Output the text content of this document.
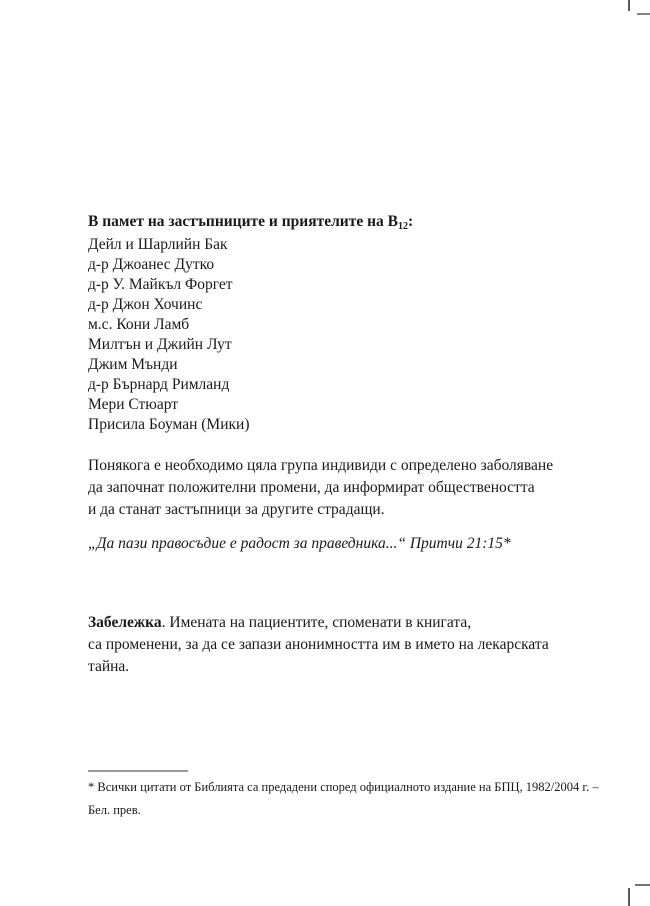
В памет на застъпниците и приятелите на $В_{12}$:
Дейл и Шарлийн Бак
д-р Джоанес Дутко
д-р У. Майкъл Форгет
д-р Джон Хочинс
м.с. Кони Ламб
Милтън и Джийн Лут
Джим Мънди
д-р Бърнард Римланд
Мери Стюарт
Присила Боуман (Мики)
Понякога е необходимо цяла група индивиди с определено заболяване
да започнат положителни промени, да информират обществеността
и да станат застъпници за другите страдащи.
„Да пази правосъдие е радост за праведника...“ Притчи 21:15*
Забележка. Имената на пациентите, споменати в книгата,
са променени, за да се запази анонимността им в името на лекарската
тайна.
* Всички цитати от Библията са предадени според официалното издание на БПЦ, 1982/2004 г. –
Бел. прев.
